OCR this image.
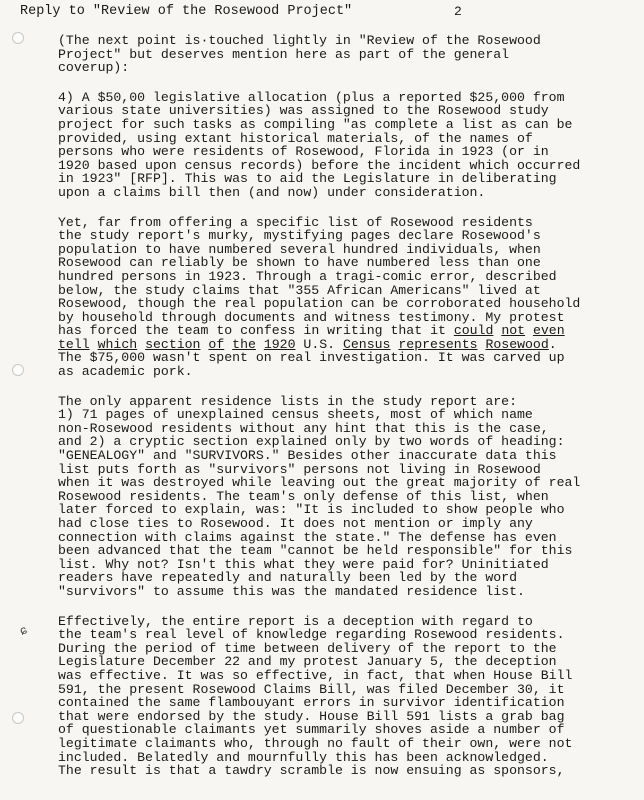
Reply to "Review of the Rosewood Project"	2
ɕ
(The next point is·touched lightly in "Review of the Rosewood
Project" but deserves mention here as part of the general
coverup):
4) A $50,00 legislative allocation (plus a reported $25,000 from
various state universities) was assigned to the Rosewood study
project for such tasks as compiling "as complete a list as can be
provided, using extant historical materials, of the names of
persons who were residents of Rosewood, Florida in 1923 (or in
1920 based upon census records) before the incident which occurred
in 1923" [RFP]. This was to aid the Legislature in deliberating
upon a claims bill then (and now) under consideration.
Yet, far from offering a specific list of Rosewood residents
the study report's murky, mystifying pages declare Rosewood's
population to have numbered several hundred individuals, when
Rosewood can reliably be shown to have numbered less than one
hundred persons in 1923. Through a tragi-comic error, described
below, the study claims that "355 African Americans" lived at
Rosewood, though the real population can be corroborated household
by household through documents and witness testimony. My protest
has forced the team to confess in writing that it could not even
tell which section of the 1920 U.S. Census represents Rosewood.
The $75,000 wasn't spent on real investigation. It was carved up
as academic pork.
The only apparent residence lists in the study report are:
1) 71 pages of unexplained census sheets, most of which name
non-Rosewood residents without any hint that this is the case,
and 2) a cryptic section explained only by two words of heading:
"GENEALOGY" and "SURVIVORS." Besides other inaccurate data this
list puts forth as "survivors" persons not living in Rosewood
when it was destroyed while leaving out the great majority of real
Rosewood residents. The team's only defense of this list, when
later forced to explain, was: "It is included to show people who
had close ties to Rosewood. It does not mention or imply any
connection with claims against the state." The defense has even
been advanced that the team "cannot be held responsible" for this
list. Why not? Isn't this what they were paid for? Uninitiated
readers have repeatedly and naturally been led by the word
"survivors" to assume this was the mandated residence list.
Effectively, the entire report is a deception with regard to
the team's real level of knowledge regarding Rosewood residents.
During the period of time between delivery of the report to the
Legislature December 22 and my protest January 5, the deception
was effective. It was so effective, in fact, that when House Bill
591, the present Rosewood Claims Bill, was filed December 30, it
contained the same flambouyant errors in survivor identification
that were endorsed by the study. House Bill 591 lists a grab bag
of questionable claimants yet summarily shoves aside a number of
legitimate claimants who, through no fault of their own, were not
included. Belatedly and mournfully this has been acknowledged.
The result is that a tawdry scramble is now ensuing as sponsors,
